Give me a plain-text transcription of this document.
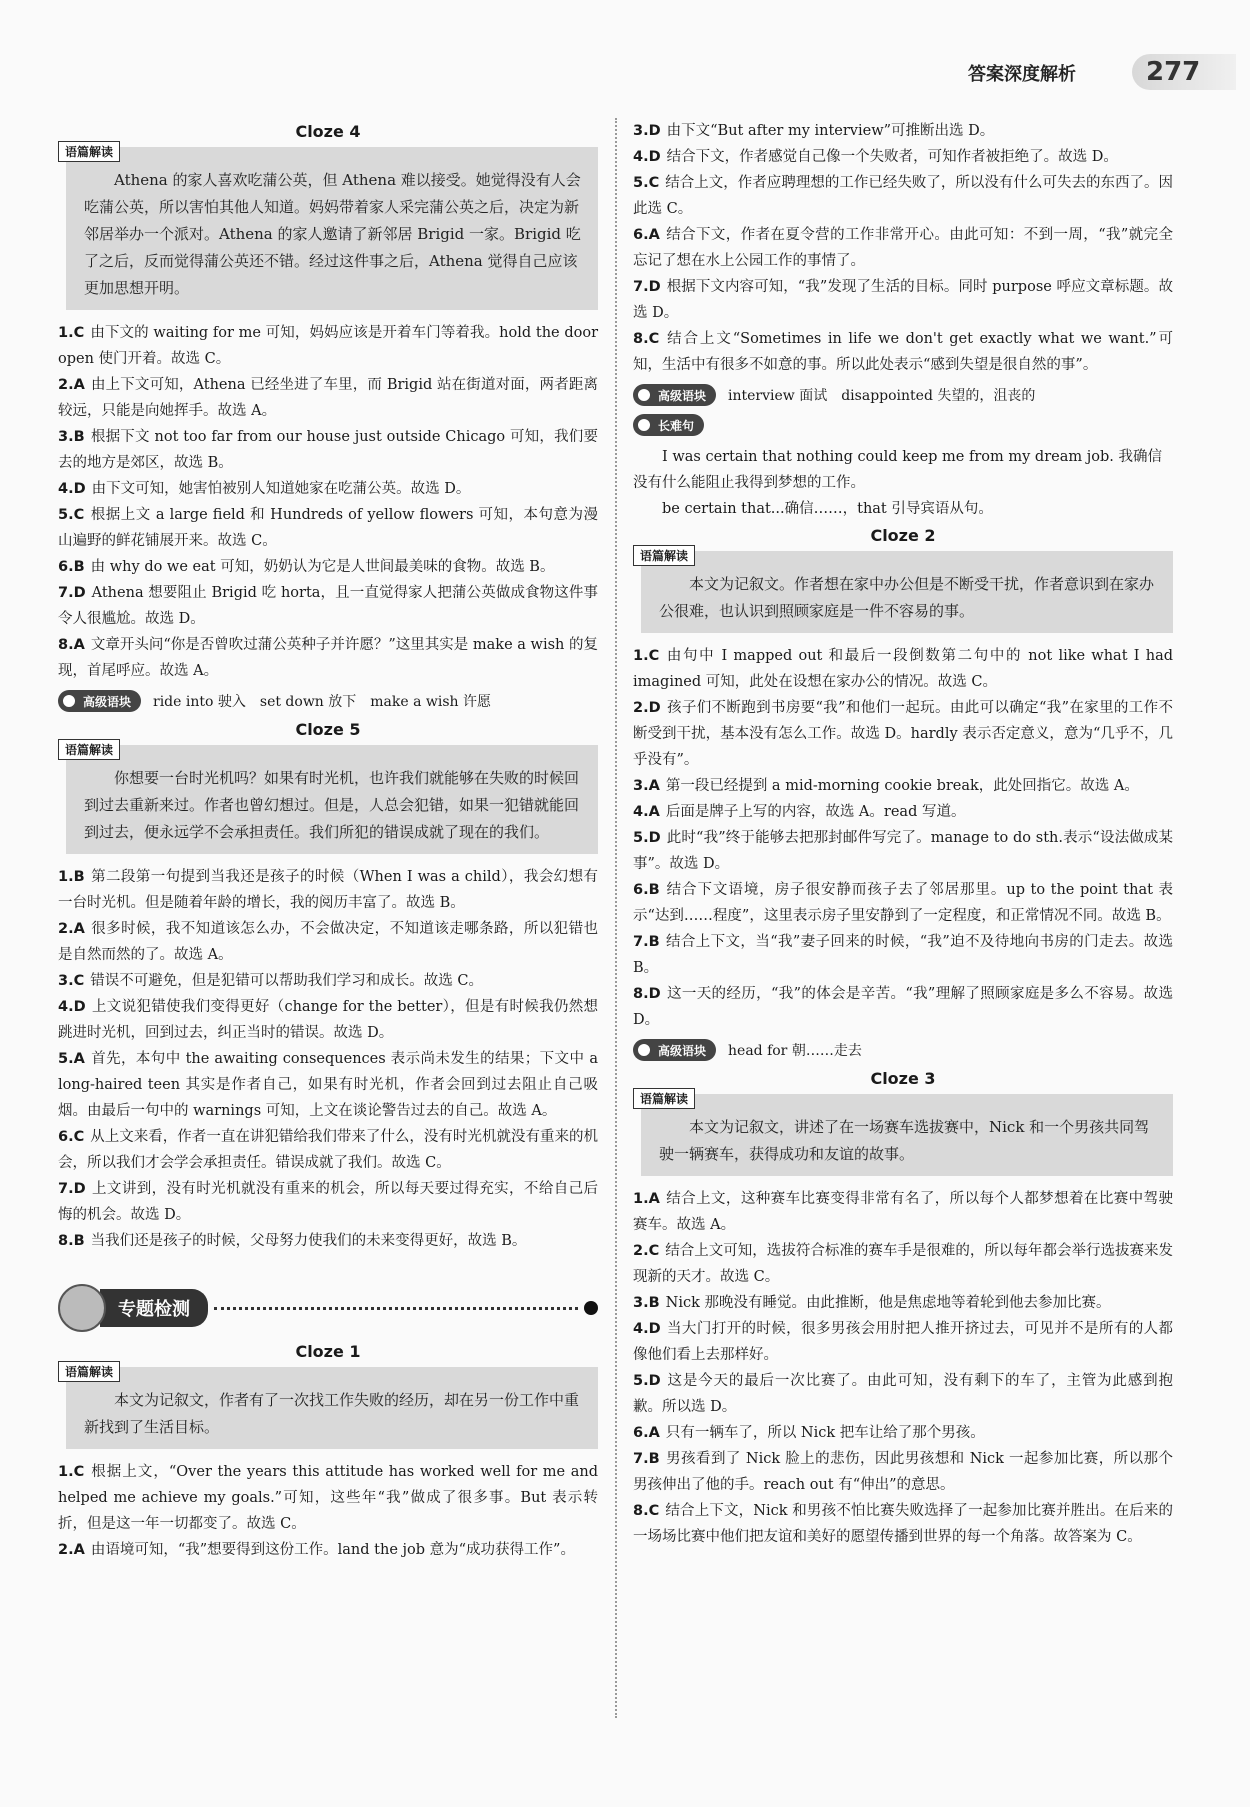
答案深度解析	277
Cloze 4
语篇解读

Athena 的家人喜欢吃蒲公英，但 Athena 难以接受。她觉得没有人会吃蒲公英，所以害怕其他人知道。妈妈带着家人采完蒲公英之后，决定为新邻居举办一个派对。Athena 的家人邀请了新邻居 Brigid 一家。Brigid 吃了之后，反而觉得蒲公英还不错。经过这件事之后，Athena 觉得自己应该更加思想开明。

1.C 由下文的 waiting for me 可知，妈妈应该是开着车门等着我。hold the door open 使门开着。故选 C。

2.A 由上下文可知，Athena 已经坐进了车里，而 Brigid 站在街道对面，两者距离较远，只能是向她挥手。故选 A。

3.B 根据下文 not too far from our house just outside Chicago 可知，我们要去的地方是郊区，故选 B。

4.D 由下文可知，她害怕被别人知道她家在吃蒲公英。故选 D。

5.C 根据上文 a large field 和 Hundreds of yellow flowers 可知，本句意为漫山遍野的鲜花铺展开来。故选 C。

6.B 由 why do we eat 可知，奶奶认为它是人世间最美味的食物。故选 B。

7.D Athena 想要阻止 Brigid 吃 horta，且一直觉得家人把蒲公英做成食物这件事令人很尴尬。故选 D。

8.A 文章开头问“你是否曾吹过蒲公英种子并许愿？”这里其实是 make a wish 的复现，首尾呼应。故选 A。

高级语块 ride into 驶入　set down 放下　make a wish 许愿
Cloze 5
语篇解读

你想要一台时光机吗？如果有时光机，也许我们就能够在失败的时候回到过去重新来过。作者也曾幻想过。但是，人总会犯错，如果一犯错就能回到过去，便永远学不会承担责任。我们所犯的错误成就了现在的我们。

1.B 第二段第一句提到当我还是孩子的时候（When I was a child），我会幻想有一台时光机。但是随着年龄的增长，我的阅历丰富了。故选 B。

2.A 很多时候，我不知道该怎么办，不会做决定，不知道该走哪条路，所以犯错也是自然而然的了。故选 A。

3.C 错误不可避免，但是犯错可以帮助我们学习和成长。故选 C。

4.D 上文说犯错使我们变得更好（change for the better），但是有时候我仍然想跳进时光机，回到过去，纠正当时的错误。故选 D。

5.A 首先，本句中 the awaiting consequences 表示尚未发生的结果；下文中 a long-haired teen 其实是作者自己，如果有时光机，作者会回到过去阻止自己吸烟。由最后一句中的 warnings 可知，上文在谈论警告过去的自己。故选 A。

6.C 从上文来看，作者一直在讲犯错给我们带来了什么，没有时光机就没有重来的机会，所以我们才会学会承担责任。错误成就了我们。故选 C。

7.D 上文讲到，没有时光机就没有重来的机会，所以每天要过得充实，不给自己后悔的机会。故选 D。

8.B 当我们还是孩子的时候，父母努力使我们的未来变得更好，故选 B。

专题检测
Cloze 1
语篇解读

本文为记叙文，作者有了一次找工作失败的经历，却在另一份工作中重新找到了生活目标。

1.C 根据上文，“Over the years this attitude has worked well for me and helped me achieve my goals.”可知，这些年“我”做成了很多事。But 表示转折，但是这一年一切都变了。故选 C。

2.A 由语境可知，“我”想要得到这份工作。land the job 意为“成功获得工作”。

3.D 由下文“But after my interview”可推断出选 D。

4.D 结合下文，作者感觉自己像一个失败者，可知作者被拒绝了。故选 D。

5.C 结合上文，作者应聘理想的工作已经失败了，所以没有什么可失去的东西了。因此选 C。

6.A 结合下文，作者在夏令营的工作非常开心。由此可知：不到一周，“我”就完全忘记了想在水上公园工作的事情了。

7.D 根据下文内容可知，“我”发现了生活的目标。同时 purpose 呼应文章标题。故选 D。

8.C 结合上文“Sometimes in life we don't get exactly what we want.”可知，生活中有很多不如意的事。所以此处表示“感到失望是很自然的事”。

高级语块 interview 面试　disappointed 失望的，沮丧的
长难句

I was certain that nothing could keep me from my dream job. 我确信没有什么能阻止我得到梦想的工作。

be certain that...确信……，that 引导宾语从句。

Cloze 2
语篇解读

本文为记叙文。作者想在家中办公但是不断受干扰，作者意识到在家办公很难，也认识到照顾家庭是一件不容易的事。

1.C 由句中 I mapped out 和最后一段倒数第二句中的 not like what I had imagined 可知，此处在设想在家办公的情况。故选 C。

2.D 孩子们不断跑到书房要“我”和他们一起玩。由此可以确定“我”在家里的工作不断受到干扰，基本没有怎么工作。故选 D。hardly 表示否定意义，意为“几乎不，几乎没有”。

3.A 第一段已经提到 a mid-morning cookie break，此处回指它。故选 A。

4.A 后面是牌子上写的内容，故选 A。read 写道。

5.D 此时“我”终于能够去把那封邮件写完了。manage to do sth.表示“设法做成某事”。故选 D。

6.B 结合下文语境，房子很安静而孩子去了邻居那里。up to the point that 表示“达到……程度”，这里表示房子里安静到了一定程度，和正常情况不同。故选 B。

7.B 结合上下文，当“我”妻子回来的时候，“我”迫不及待地向书房的门走去。故选 B。

8.D 这一天的经历，“我”的体会是辛苦。“我”理解了照顾家庭是多么不容易。故选 D。

高级语块 head for 朝……走去
Cloze 3
语篇解读

本文为记叙文，讲述了在一场赛车选拔赛中，Nick 和一个男孩共同驾驶一辆赛车，获得成功和友谊的故事。

1.A 结合上文，这种赛车比赛变得非常有名了，所以每个人都梦想着在比赛中驾驶赛车。故选 A。

2.C 结合上文可知，选拔符合标准的赛车手是很难的，所以每年都会举行选拔赛来发现新的天才。故选 C。

3.B Nick 那晚没有睡觉。由此推断，他是焦虑地等着轮到他去参加比赛。

4.D 当大门打开的时候，很多男孩会用肘把人推开挤过去，可见并不是所有的人都像他们看上去那样好。

5.D 这是今天的最后一次比赛了。由此可知，没有剩下的车了，主管为此感到抱歉。所以选 D。

6.A 只有一辆车了，所以 Nick 把车让给了那个男孩。

7.B 男孩看到了 Nick 脸上的悲伤，因此男孩想和 Nick 一起参加比赛，所以那个男孩伸出了他的手。reach out 有“伸出”的意思。

8.C 结合上下文，Nick 和男孩不怕比赛失败选择了一起参加比赛并胜出。在后来的一场场比赛中他们把友谊和美好的愿望传播到世界的每一个角落。故答案为 C。
